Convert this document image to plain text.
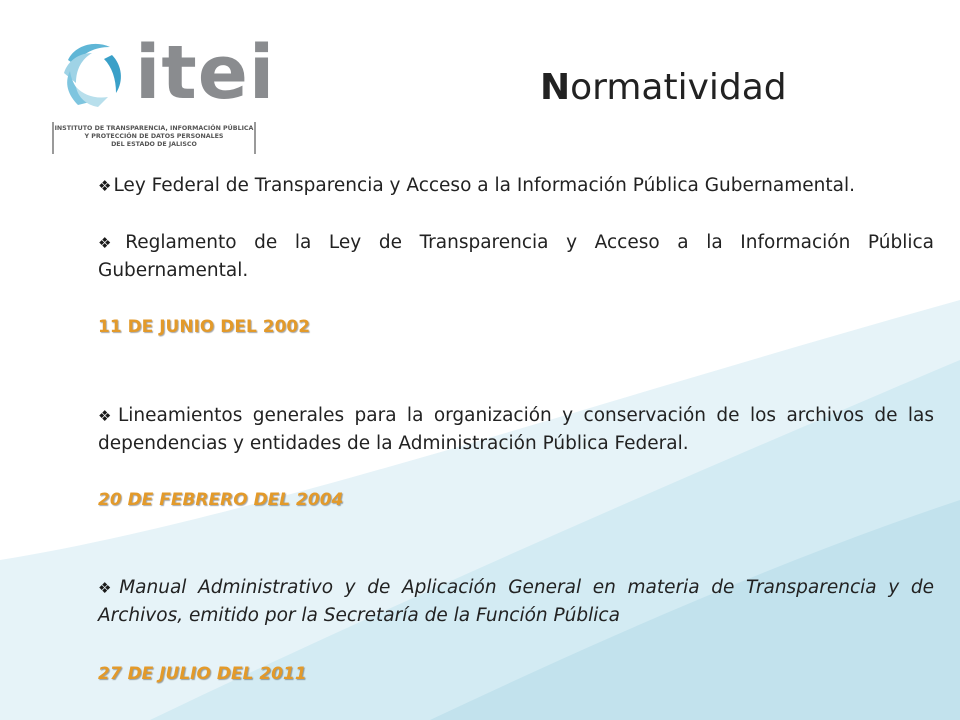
itei
INSTITUTO DE TRANSPARENCIA, INFORMACIÓN PÚBLICA
Y PROTECCIÓN DE DATOS PERSONALES
DEL ESTADO DE JALISCO
Normatividad
❖ Ley Federal de Transparencia y Acceso a la Información Pública Gubernamental.
❖ Reglamento de la Ley de Transparencia y Acceso a la Información Pública Gubernamental.
11 DE JUNIO DEL 2002
❖ Lineamientos generales para la organización y conservación de los archivos de las dependencias y entidades de la Administración Pública Federal.
20 DE FEBRERO DEL 2004
❖ Manual Administrativo y de Aplicación General en materia de Transparencia y de Archivos, emitido por la Secretaría de la Función Pública
27 DE JULIO DEL 2011
